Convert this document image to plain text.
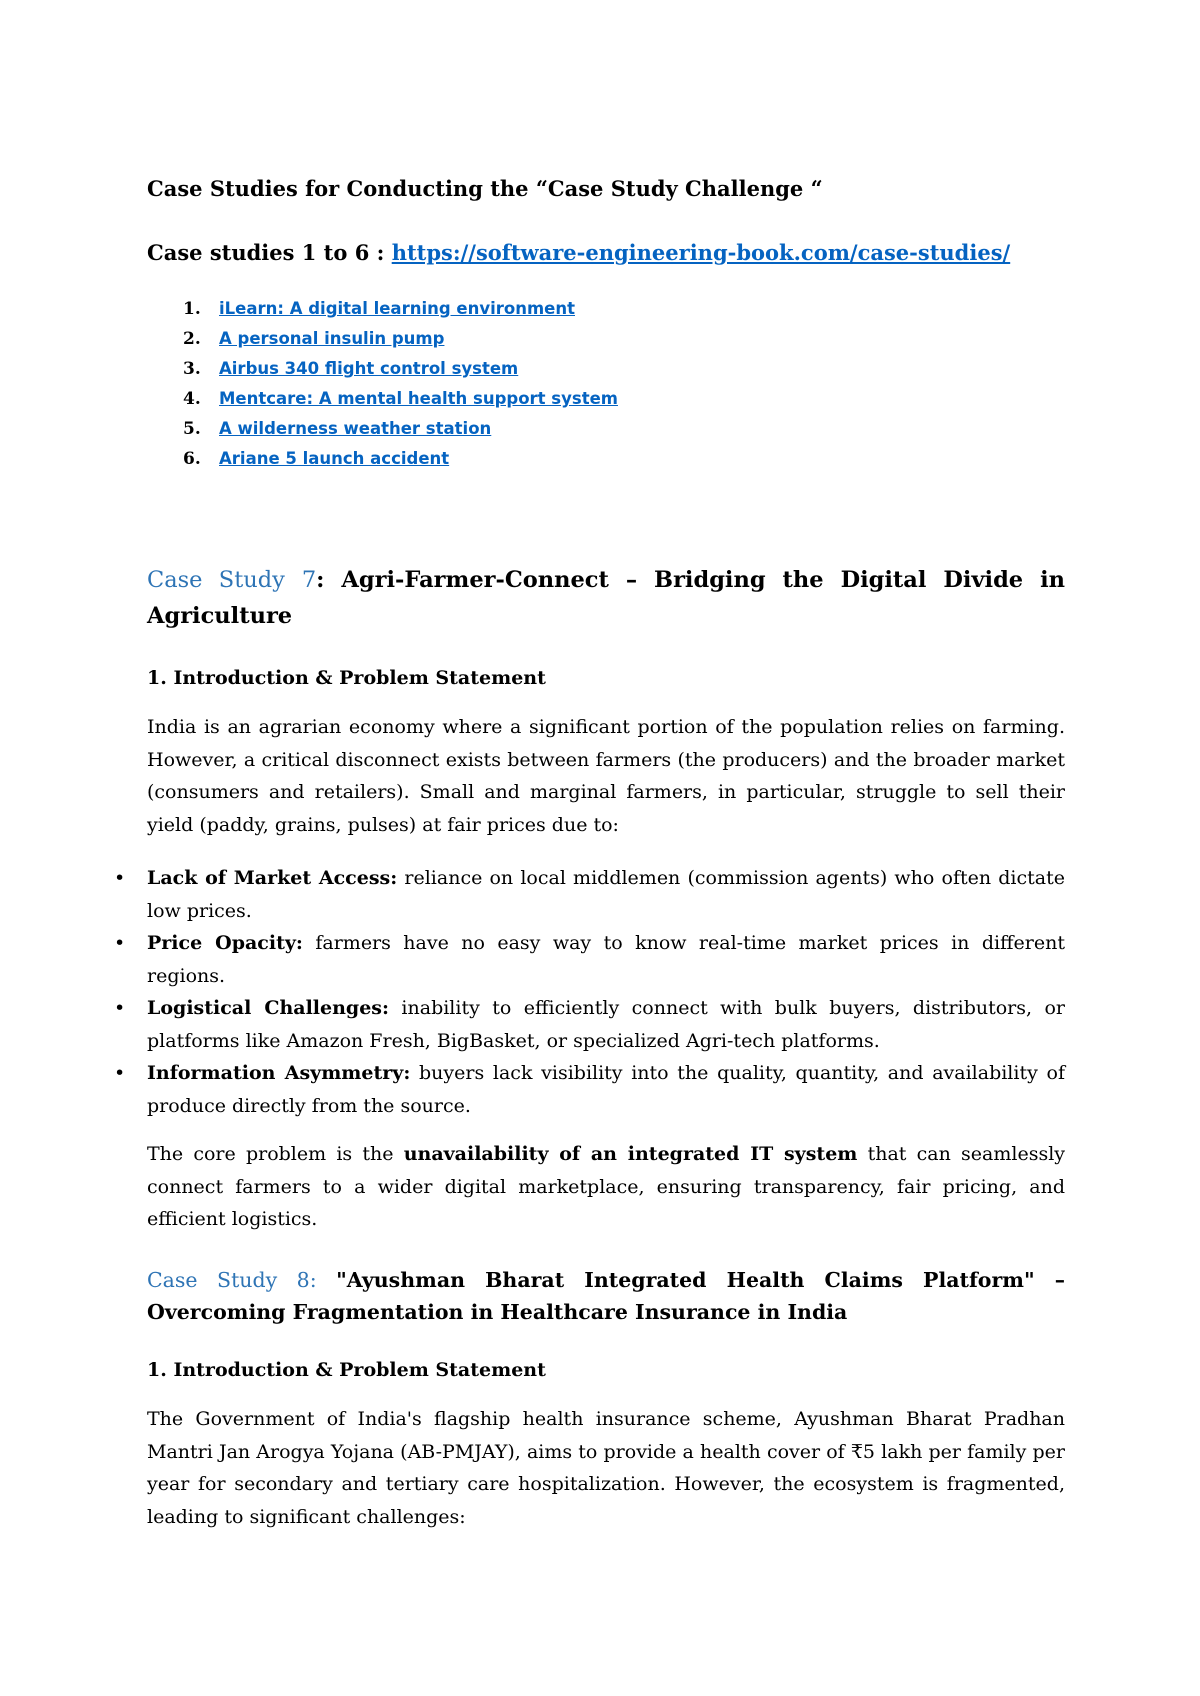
Case Studies for Conducting the “Case Study Challenge “

Case studies 1 to 6 : https://software-engineering-book.com/case-studies/

1.	iLearn: A digital learning environment
2.	A personal insulin pump
3.	Airbus 340 flight control system
4.	Mentcare: A mental health support system
5.	A wilderness weather station
6.	Ariane 5 launch accident

Case Study 7: Agri-Farmer-Connect – Bridging the Digital Divide in Agriculture

1. Introduction & Problem Statement

India is an agrarian economy where a significant portion of the population relies on farming. However, a critical disconnect exists between farmers (the producers) and the broader market (consumers and retailers). Small and marginal farmers, in particular, struggle to sell their yield (paddy, grains, pulses) at fair prices due to:

• Lack of Market Access: reliance on local middlemen (commission agents) who often dictate low prices.
• Price Opacity: farmers have no easy way to know real-time market prices in different regions.
• Logistical Challenges: inability to efficiently connect with bulk buyers, distributors, or platforms like Amazon Fresh, BigBasket, or specialized Agri-tech platforms.
• Information Asymmetry: buyers lack visibility into the quality, quantity, and availability of produce directly from the source.

The core problem is the unavailability of an integrated IT system that can seamlessly connect farmers to a wider digital marketplace, ensuring transparency, fair pricing, and efficient logistics.

Case Study 8: "Ayushman Bharat Integrated Health Claims Platform" – Overcoming Fragmentation in Healthcare Insurance in India

1. Introduction & Problem Statement

The Government of India's flagship health insurance scheme, Ayushman Bharat Pradhan Mantri Jan Arogya Yojana (AB-PMJAY), aims to provide a health cover of ₹5 lakh per family per year for secondary and tertiary care hospitalization. However, the ecosystem is fragmented, leading to significant challenges:
